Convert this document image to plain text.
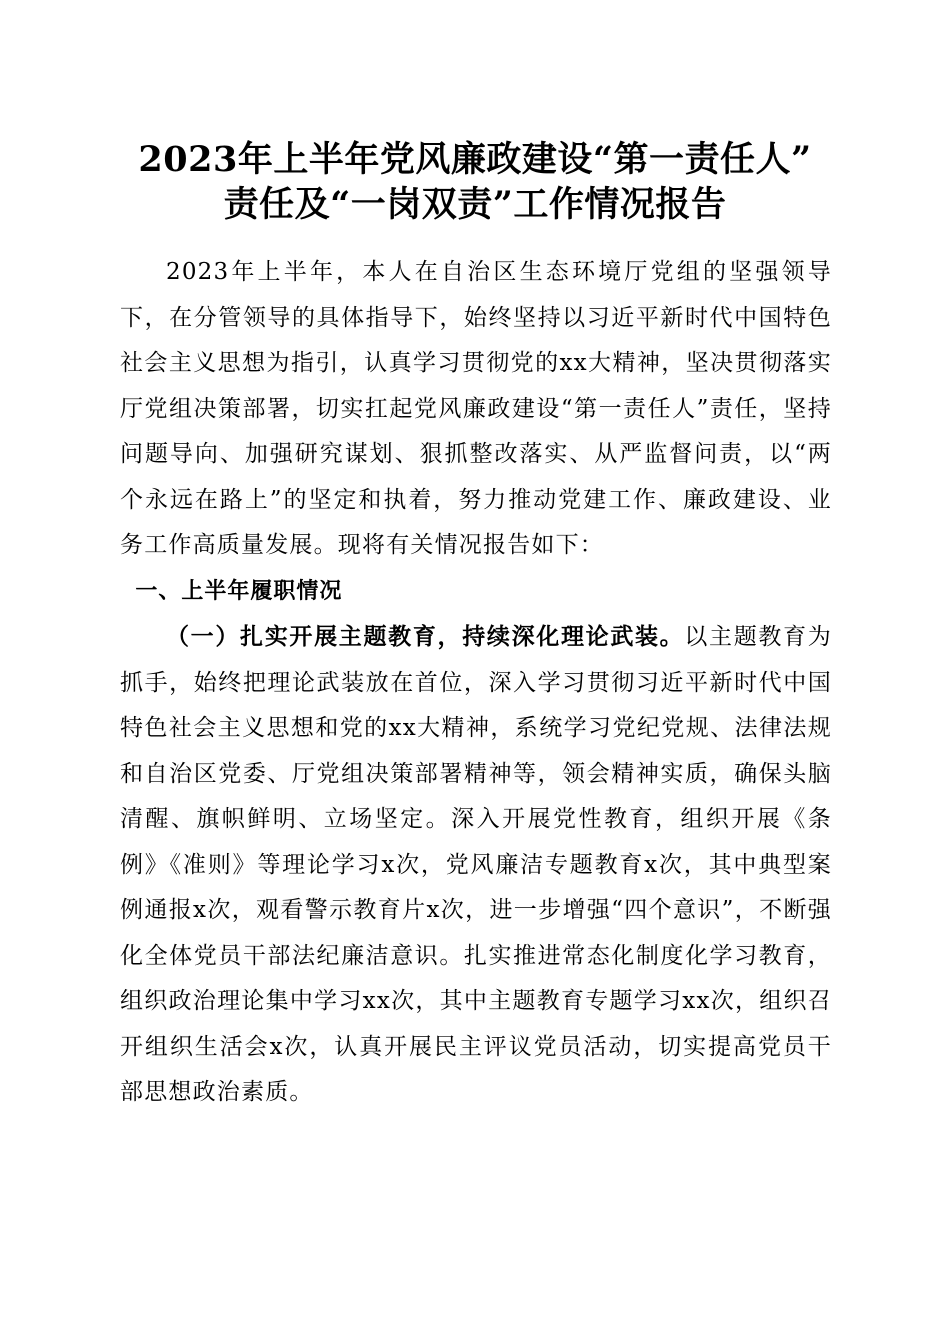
2023年上半年党风廉政建设“第一责任人”
责任及“一岗双责”工作情况报告

2023年上半年，本人在自治区生态环境厅党组的坚强领导下，在分管领导的具体指导下，始终坚持以习近平新时代中国特色社会主义思想为指引，认真学习贯彻党的xx大精神，坚决贯彻落实厅党组决策部署，切实扛起党风廉政建设“第一责任人”责任，坚持问题导向、加强研究谋划、狠抓整改落实、从严监督问责，以“两个永远在路上”的坚定和执着，努力推动党建工作、廉政建设、业务工作高质量发展。现将有关情况报告如下：

一、上半年履职情况

（一）扎实开展主题教育，持续深化理论武装。以主题教育为抓手，始终把理论武装放在首位，深入学习贯彻习近平新时代中国特色社会主义思想和党的xx大精神，系统学习党纪党规、法律法规和自治区党委、厅党组决策部署精神等，领会精神实质，确保头脑清醒、旗帜鲜明、立场坚定。深入开展党性教育，组织开展《条例》《准则》等理论学习x次，党风廉洁专题教育x次，其中典型案例通报x次，观看警示教育片x次，进一步增强“四个意识”，不断强化全体党员干部法纪廉洁意识。扎实推进常态化制度化学习教育，组织政治理论集中学习xx次，其中主题教育专题学习xx次，组织召开组织生活会x次，认真开展民主评议党员活动，切实提高党员干部思想政治素质。
